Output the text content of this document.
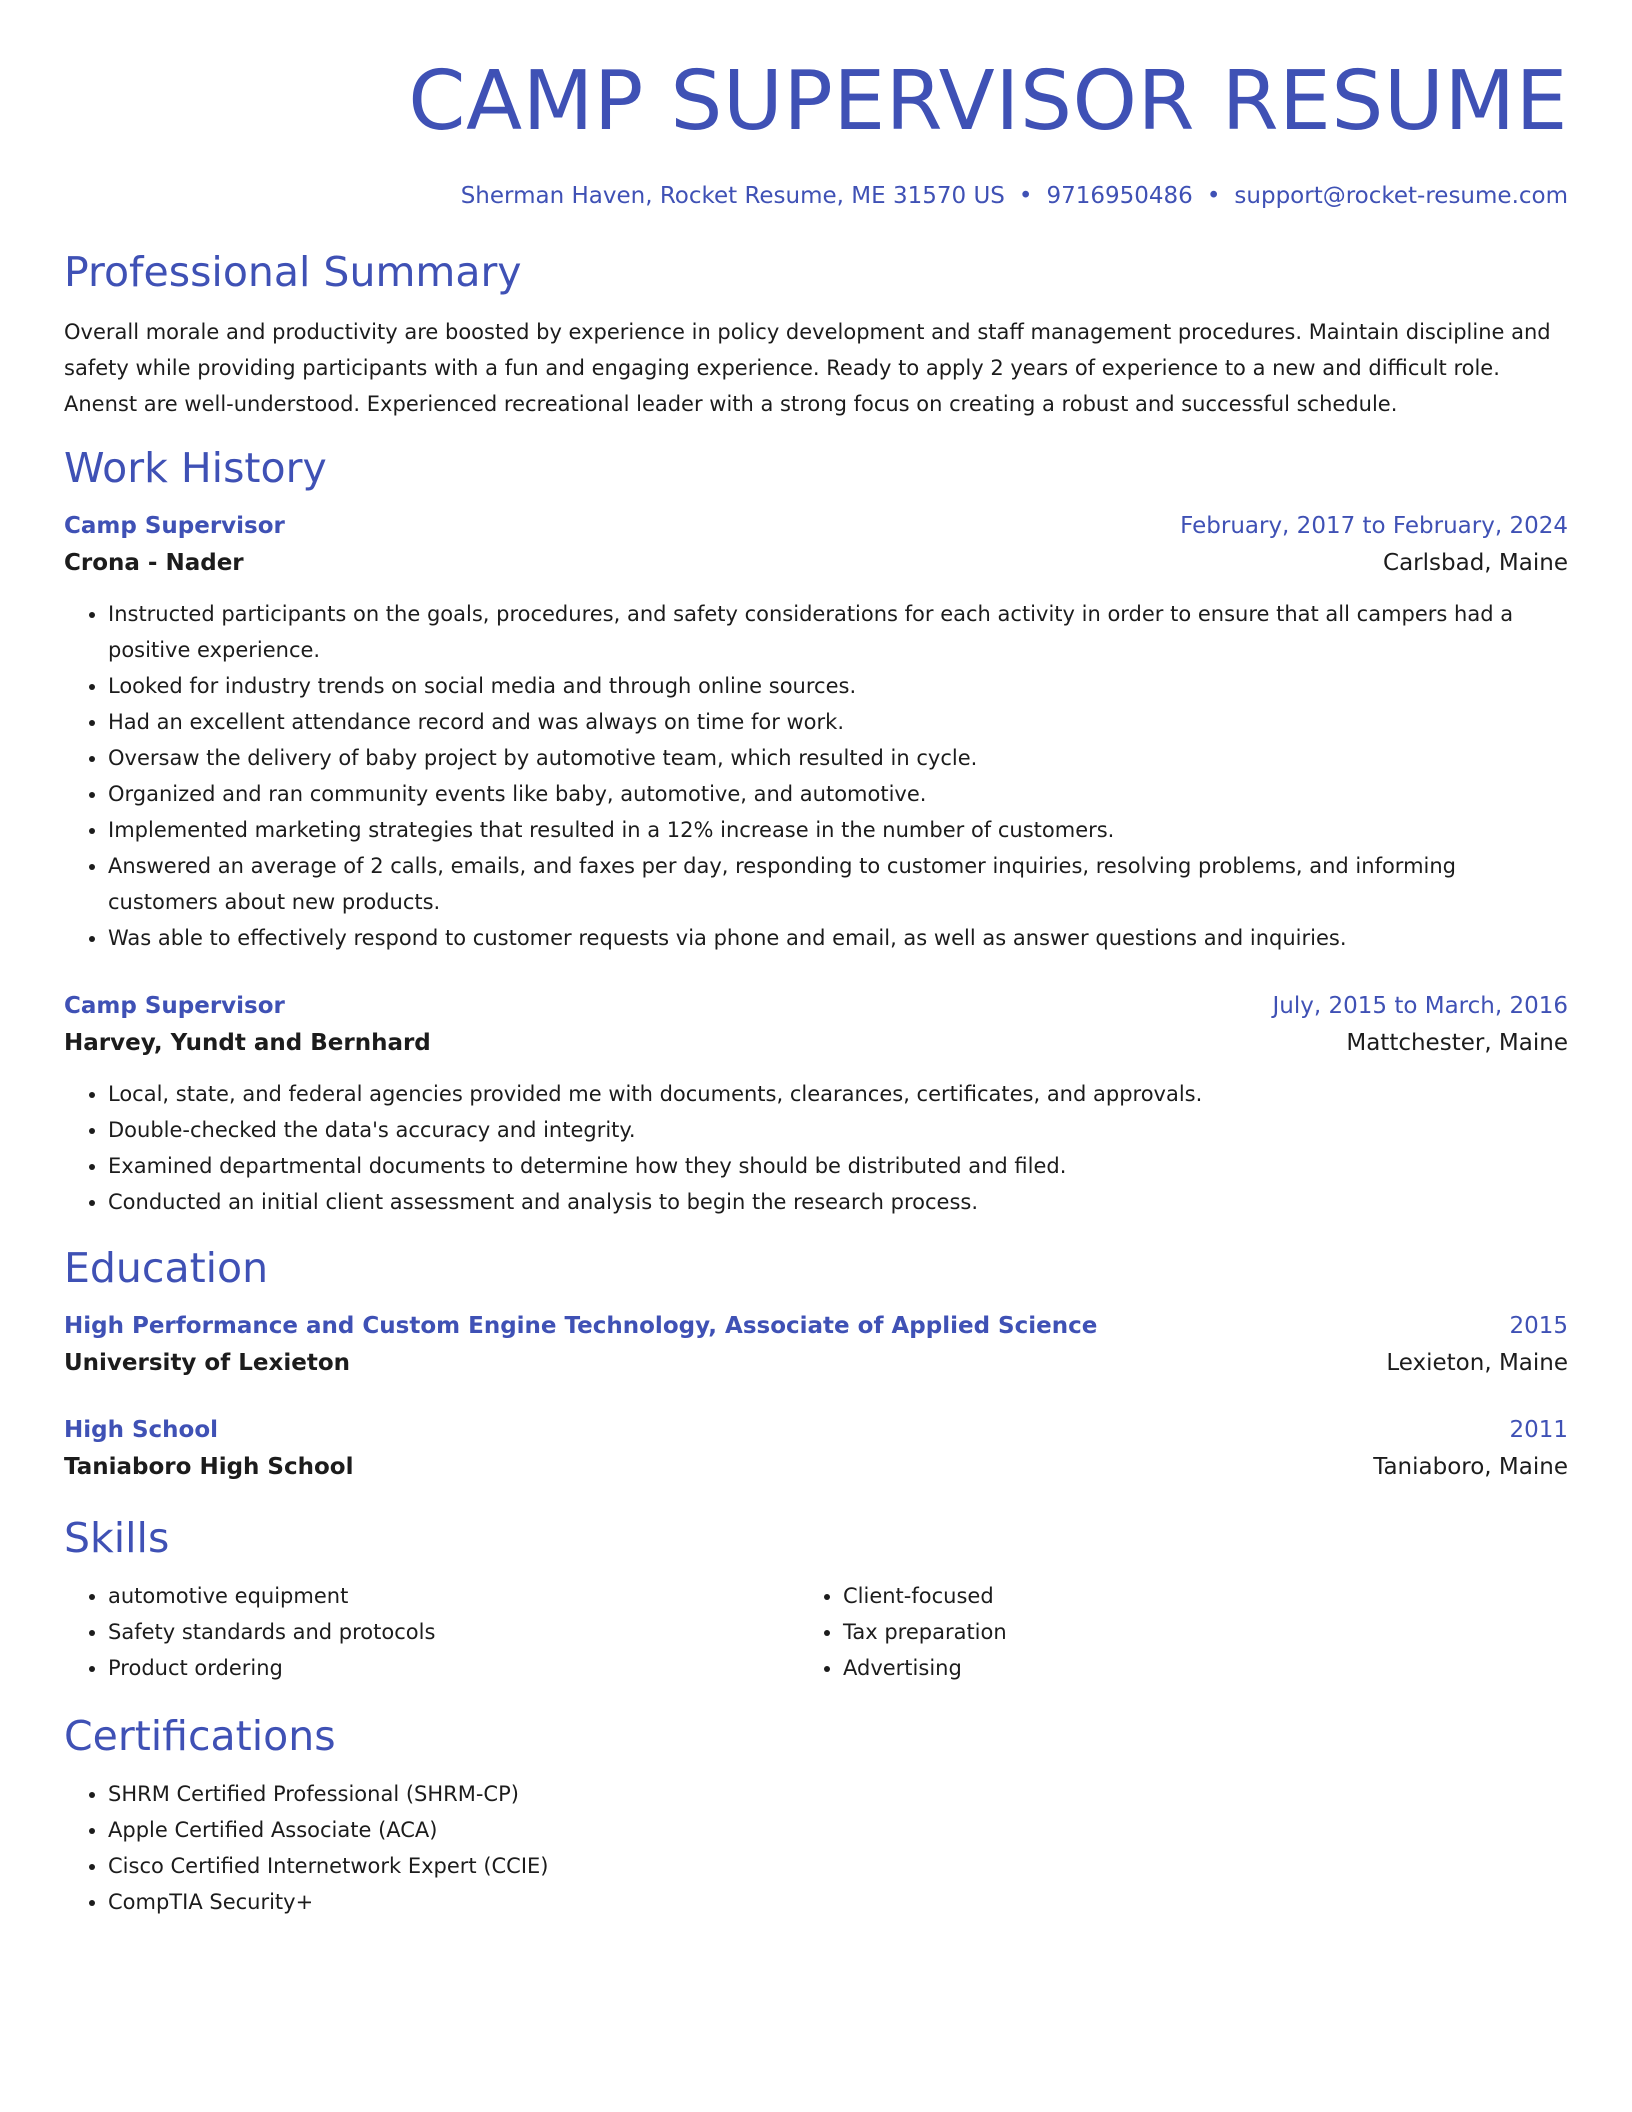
CAMP SUPERVISOR RESUME
Sherman Haven, Rocket Resume, ME 31570 US • 9716950486 • support@rocket-resume.com
Professional Summary

Overall morale and productivity are boosted by experience in policy development and staff management procedures. Maintain discipline and safety while providing participants with a fun and engaging experience. Ready to apply 2 years of experience to a new and difficult role. Anenst are well-understood. Experienced recreational leader with a strong focus on creating a robust and successful schedule.

Work History
Camp Supervisor	February, 2017 to February, 2024
Crona - Nader	Carlsbad, Maine
• Instructed participants on the goals, procedures, and safety considerations for each activity in order to ensure that all campers had a positive experience.
• Looked for industry trends on social media and through online sources.
• Had an excellent attendance record and was always on time for work.
• Oversaw the delivery of baby project by automotive team, which resulted in cycle.
• Organized and ran community events like baby, automotive, and automotive.
• Implemented marketing strategies that resulted in a 12% increase in the number of customers.
• Answered an average of 2 calls, emails, and faxes per day, responding to customer inquiries, resolving problems, and informing customers about new products.
• Was able to effectively respond to customer requests via phone and email, as well as answer questions and inquiries.
Camp Supervisor	July, 2015 to March, 2016
Harvey, Yundt and Bernhard	Mattchester, Maine
• Local, state, and federal agencies provided me with documents, clearances, certificates, and approvals.
• Double-checked the data's accuracy and integrity.
• Examined departmental documents to determine how they should be distributed and filed.
• Conducted an initial client assessment and analysis to begin the research process.
Education
High Performance and Custom Engine Technology, Associate of Applied Science	2015
University of Lexieton	Lexieton, Maine
High School	2011
Taniaboro High School	Taniaboro, Maine
Skills
• automotive equipment
• Safety standards and protocols
• Product ordering
• Client-focused
• Tax preparation
• Advertising
Certifications
• SHRM Certified Professional (SHRM-CP)
• Apple Certified Associate (ACA)
• Cisco Certified Internetwork Expert (CCIE)
• CompTIA Security+
